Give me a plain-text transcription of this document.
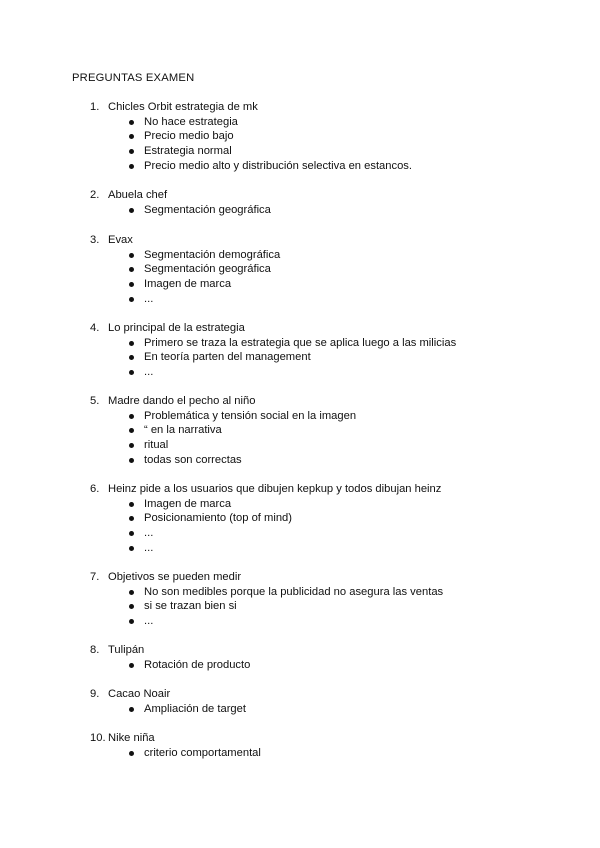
PREGUNTAS EXAMEN
1. Chicles Orbit estrategia de mk
No hace estrategia
Precio medio bajo
Estrategia normal
Precio medio alto y distribución selectiva en estancos.
2. Abuela chef
Segmentación geográfica
3. Evax
Segmentación demográfica
Segmentación geográfica
Imagen de marca
...
4. Lo principal de la estrategia
Primero se traza la estrategia que se aplica luego a las milicias
En teoría parten del management
...
5. Madre dando el pecho al niño
Problemática y tensión social en la imagen
“ en la narrativa
ritual
todas son correctas
6. Heinz pide a los usuarios que dibujen kepkup y todos dibujan heinz
Imagen de marca
Posicionamiento (top of mind)
...
...
7. Objetivos se pueden medir
No son medibles porque la publicidad no asegura las ventas
si se trazan bien si
...
8. Tulipán
Rotación de producto
9. Cacao Noair
Ampliación de target
10. Nike niña
criterio comportamental
